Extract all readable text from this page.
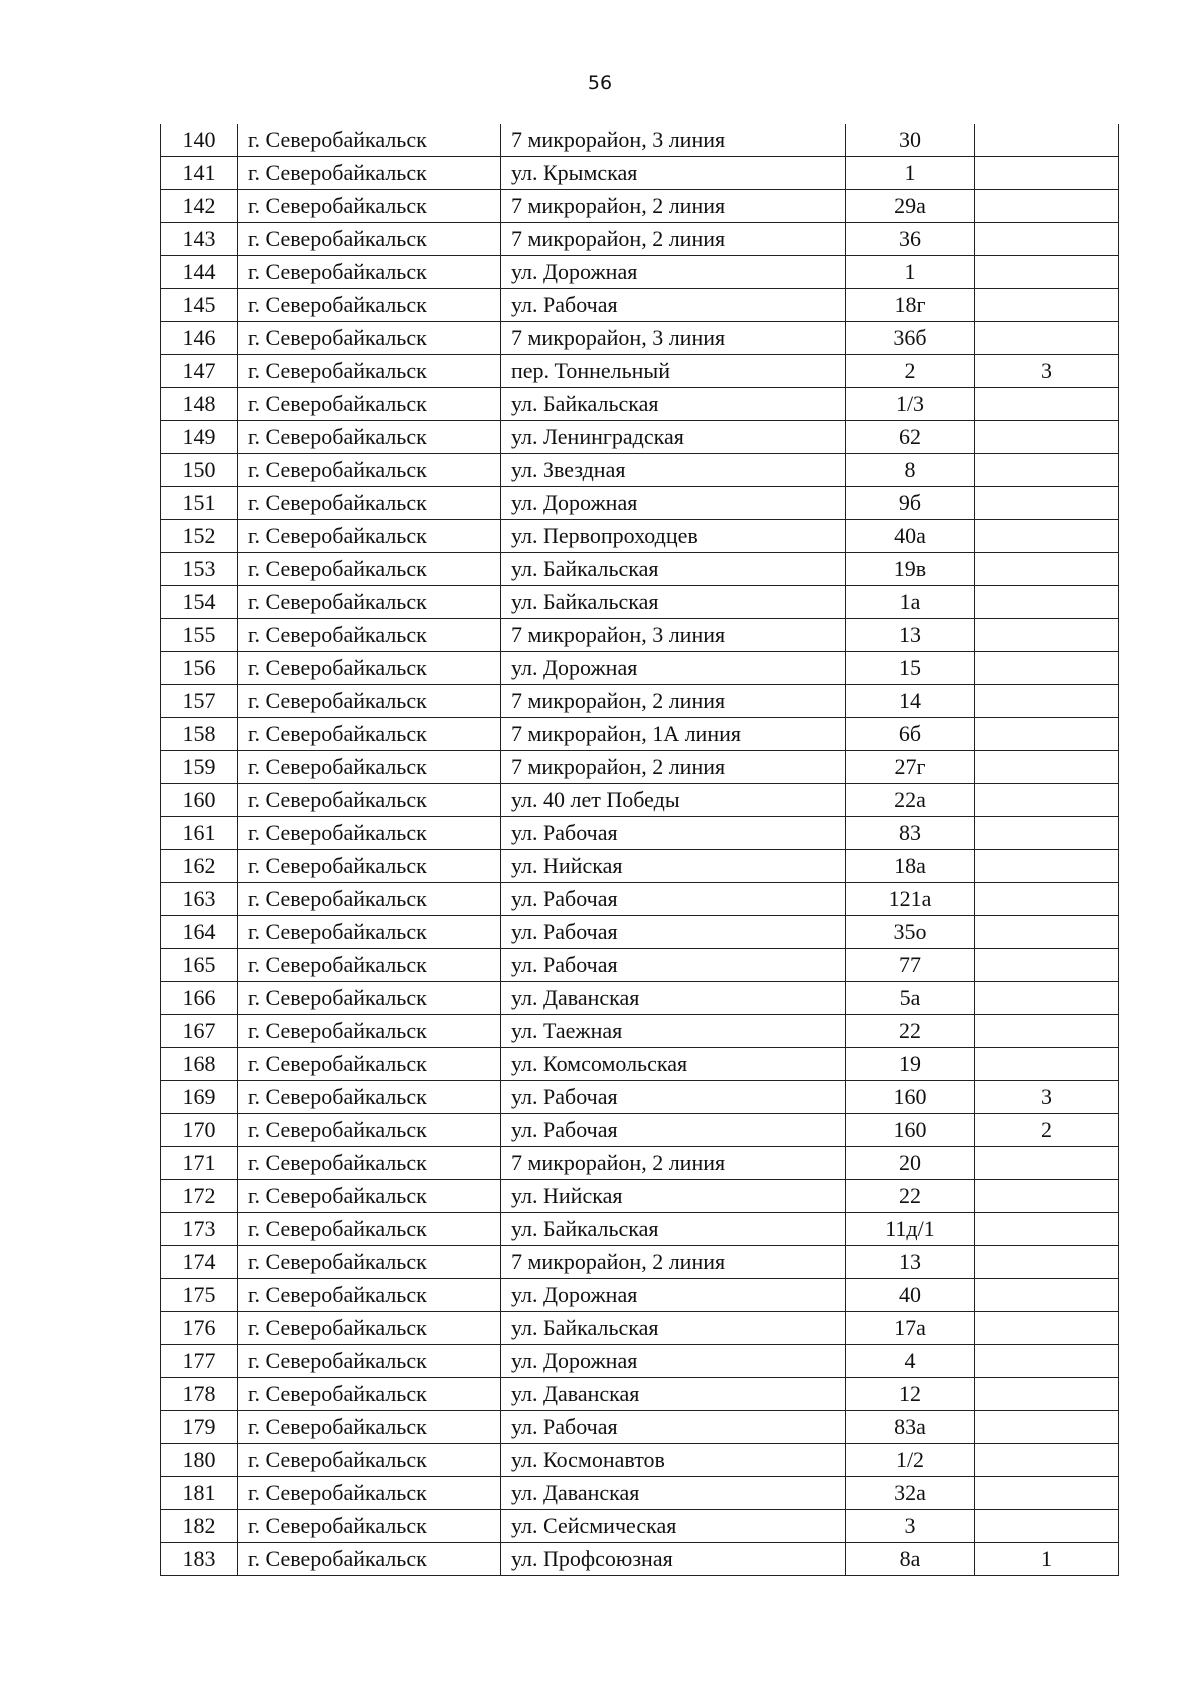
56
140	г. Северобайкальск	7 микрорайон, 3 линия	30	
141	г. Северобайкальск	ул. Крымская	1	
142	г. Северобайкальск	7 микрорайон, 2 линия	29а	
143	г. Северобайкальск	7 микрорайон, 2 линия	36	
144	г. Северобайкальск	ул. Дорожная	1	
145	г. Северобайкальск	ул. Рабочая	18г	
146	г. Северобайкальск	7 микрорайон, 3 линия	36б	
147	г. Северобайкальск	пер. Тоннельный	2	3
148	г. Северобайкальск	ул. Байкальская	1/3	
149	г. Северобайкальск	ул. Ленинградская	62	
150	г. Северобайкальск	ул. Звездная	8	
151	г. Северобайкальск	ул. Дорожная	9б	
152	г. Северобайкальск	ул. Первопроходцев	40а	
153	г. Северобайкальск	ул. Байкальская	19в	
154	г. Северобайкальск	ул. Байкальская	1а	
155	г. Северобайкальск	7 микрорайон, 3 линия	13	
156	г. Северобайкальск	ул. Дорожная	15	
157	г. Северобайкальск	7 микрорайон, 2 линия	14	
158	г. Северобайкальск	7 микрорайон, 1А линия	6б	
159	г. Северобайкальск	7 микрорайон, 2 линия	27г	
160	г. Северобайкальск	ул. 40 лет Победы	22а	
161	г. Северобайкальск	ул. Рабочая	83	
162	г. Северобайкальск	ул. Нийская	18а	
163	г. Северобайкальск	ул. Рабочая	121а	
164	г. Северобайкальск	ул. Рабочая	35о	
165	г. Северобайкальск	ул. Рабочая	77	
166	г. Северобайкальск	ул. Даванская	5а	
167	г. Северобайкальск	ул. Таежная	22	
168	г. Северобайкальск	ул. Комсомольская	19	
169	г. Северобайкальск	ул. Рабочая	160	3
170	г. Северобайкальск	ул. Рабочая	160	2
171	г. Северобайкальск	7 микрорайон, 2 линия	20	
172	г. Северобайкальск	ул. Нийская	22	
173	г. Северобайкальск	ул. Байкальская	11д/1	
174	г. Северобайкальск	7 микрорайон, 2 линия	13	
175	г. Северобайкальск	ул. Дорожная	40	
176	г. Северобайкальск	ул. Байкальская	17а	
177	г. Северобайкальск	ул. Дорожная	4	
178	г. Северобайкальск	ул. Даванская	12	
179	г. Северобайкальск	ул. Рабочая	83а	
180	г. Северобайкальск	ул. Космонавтов	1/2	
181	г. Северобайкальск	ул. Даванская	32а	
182	г. Северобайкальск	ул. Сейсмическая	3	
183	г. Северобайкальск	ул. Профсоюзная	8а	1
